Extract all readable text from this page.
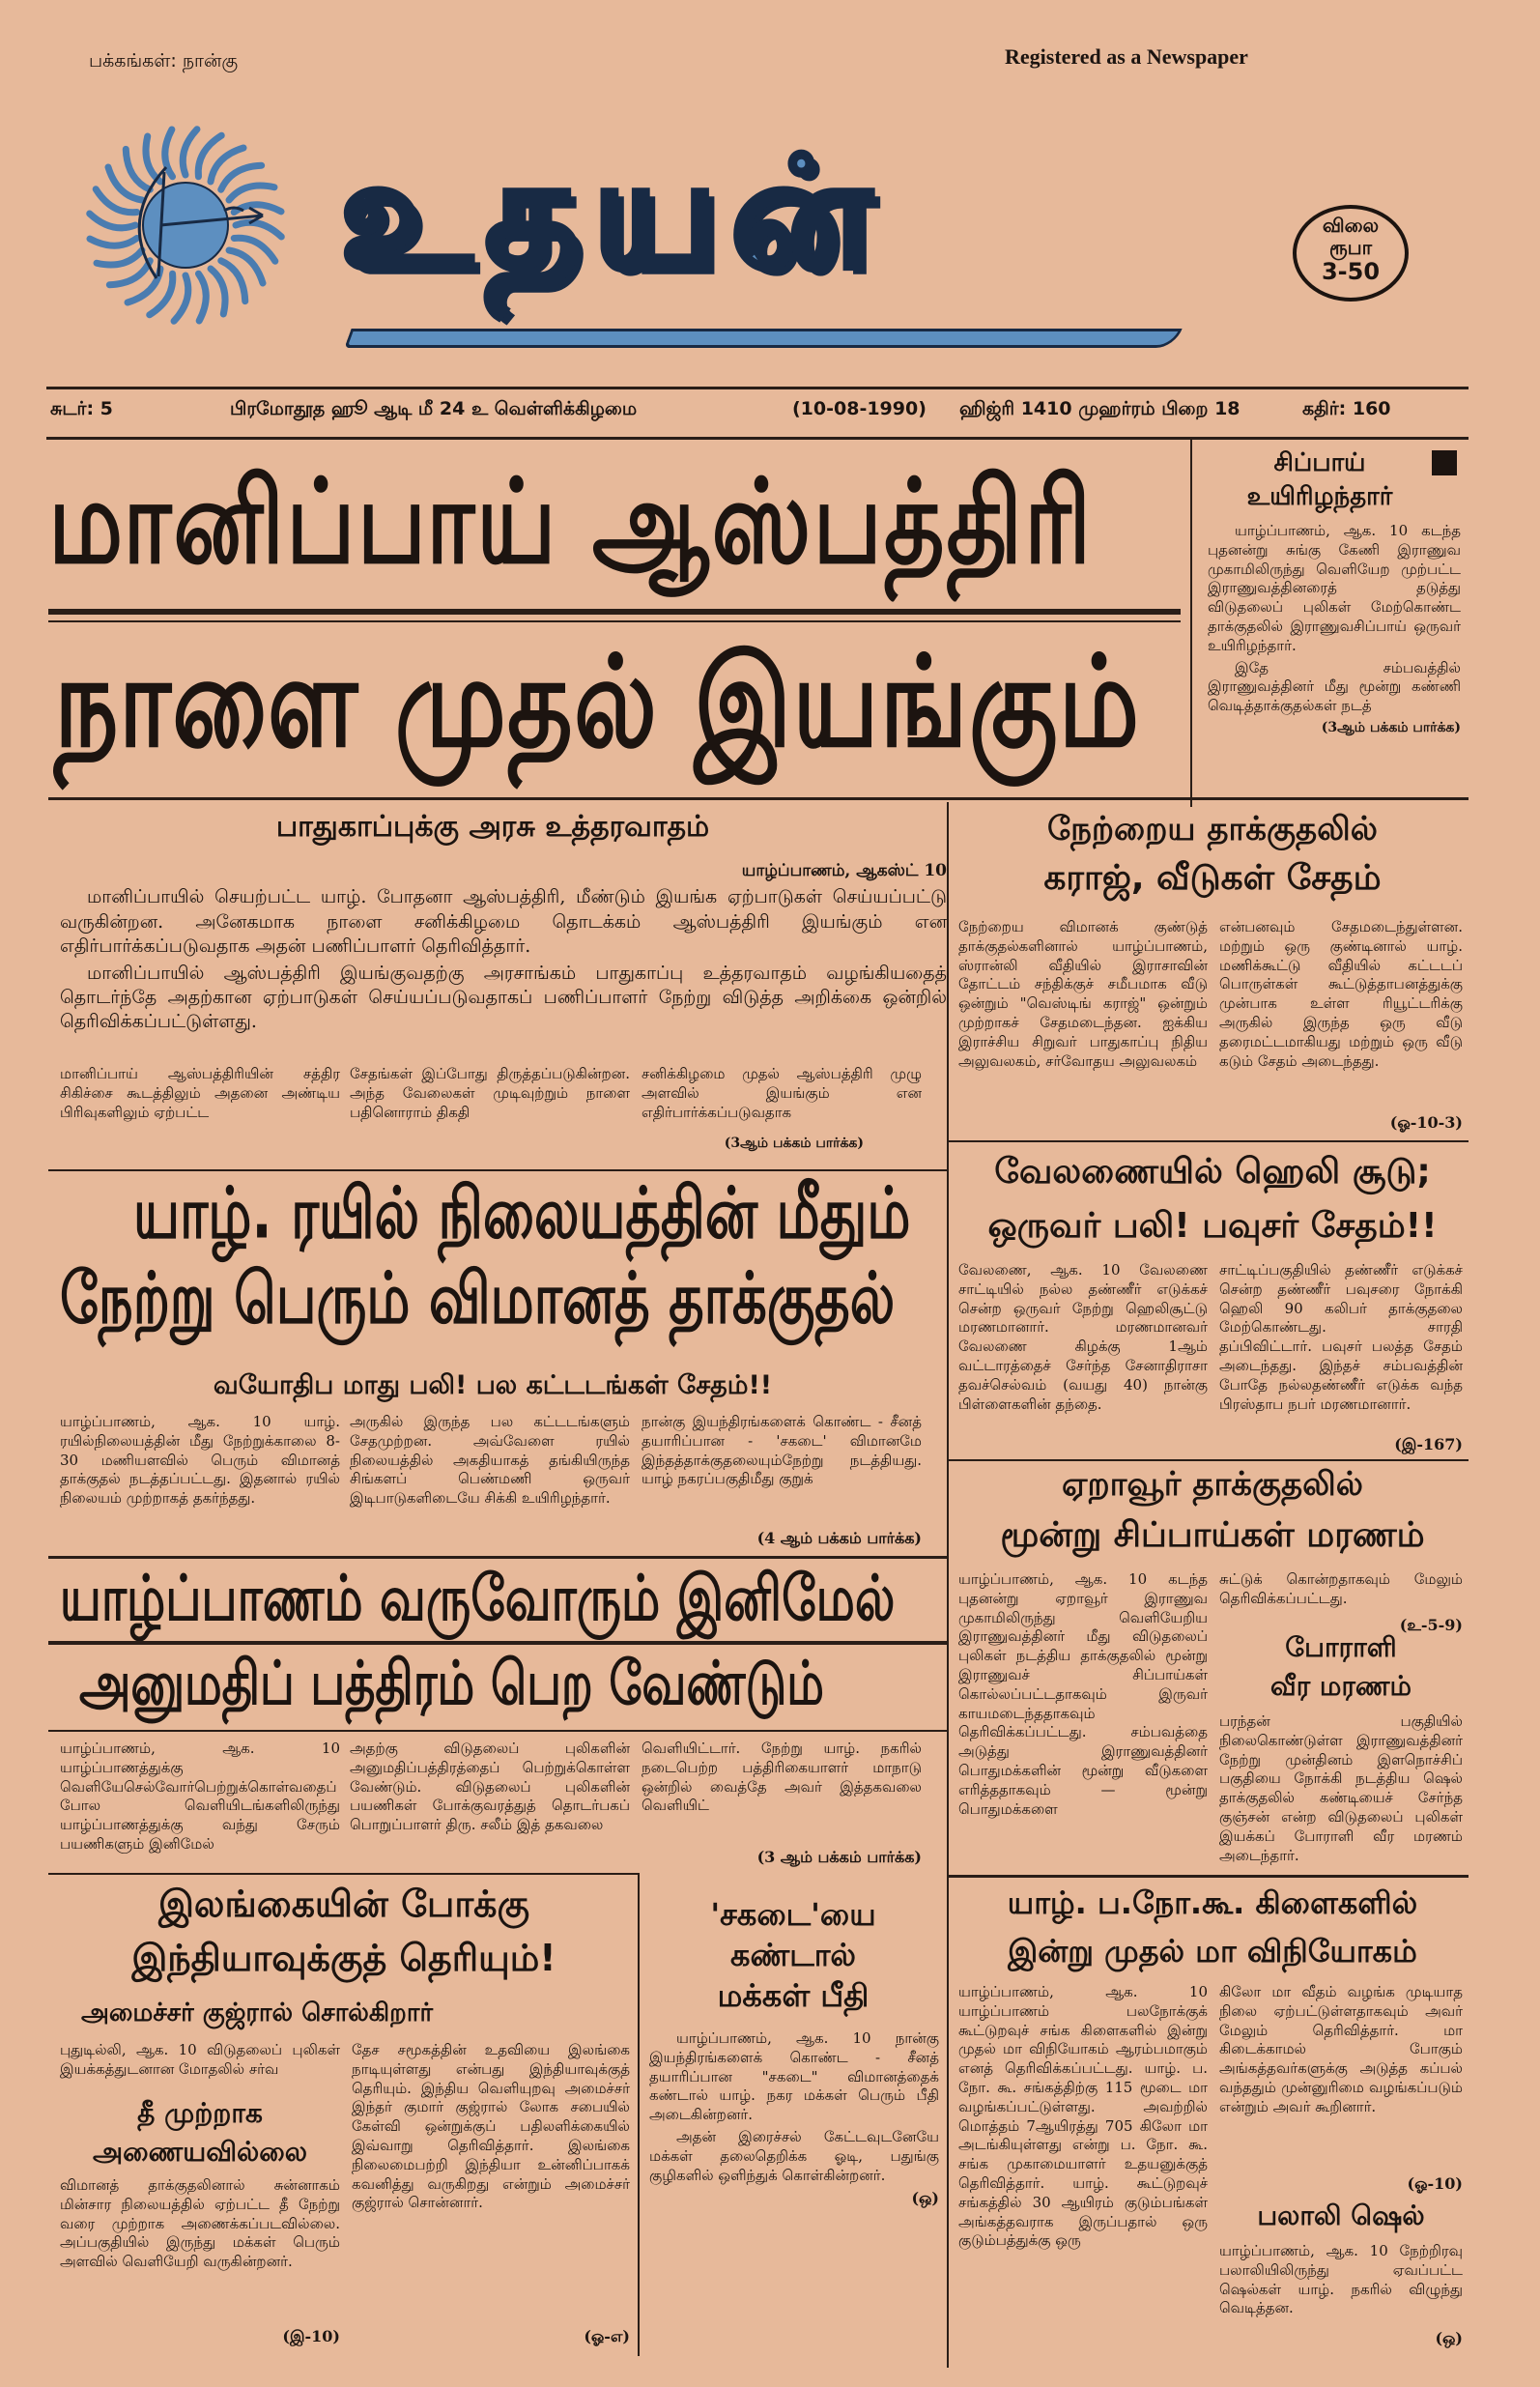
பக்கங்கள்: நான்கு	Registered as a Newspaper
உதயன்	விலை
ரூபா
3-50
சுடர்: 5	பிரமோதூத ஹூ ஆடி மீ 24 உ வெள்ளிக்கிழமை	(10-08-1990) ஹிஜ்ரி 1410 முஹர்ரம் பிறை 18	கதிர்: 160
மானிப்பாய் ஆஸ்பத்திரி
நாளை முதல் இயங்கும்
பாதுகாப்புக்கு அரசு உத்தரவாதம்
யாழ்ப்பாணம், ஆகஸ்ட் 10

மானிப்பாயில் செயற்பட்ட யாழ். போதனா ஆஸ்பத்திரி, மீண்டும் இயங்க ஏற்பாடுகள் செய்யப்பட்டு வருகின்றன. அனேகமாக நாளை சனிக்கிழமை தொடக்கம் ஆஸ்பத்திரி இயங்கும் என எதிர்பார்க்கப்படுவதாக அதன் பணிப்பாளர் தெரிவித்தார்.

மானிப்பாயில் ஆஸ்பத்திரி இயங்குவதற்கு அரசாங்கம் பாதுகாப்பு உத்தரவாதம் வழங்கியதைத் தொடர்ந்தே அதற்கான ஏற்பாடுகள் செய்யப்படுவதாகப் பணிப்பாளர் நேற்று விடுத்த அறிக்கை ஒன்றில் தெரிவிக்கப்பட்டுள்ளது.

மானிப்பாய் ஆஸ்பத்திரியின் சத்திர சிகிச்சை கூடத்திலும் அதனை அண்டிய பிரிவுகளிலும் ஏற்பட்ட
சேதங்கள் இப்போது திருத்தப்படுகின்றன. அந்த வேலைகள் முடிவுற்றும் நாளை பதினொராம் திகதி
சனிக்கிழமை முதல் ஆஸ்பத்திரி முழு அளவில் இயங்கும் என எதிர்பார்க்கப்படுவதாக
(3ஆம் பக்கம் பார்க்க)
சிப்பாய் உயிரிழந்தார்

யாழ்ப்பாணம், ஆக. 10 கடந்த புதனன்று சுங்கு கேணி இராணுவ முகாமிலிருந்து வெளியேற முற்பட்ட இராணுவத்தினரைத் தடுத்து விடுதலைப் புலிகள் மேற்கொண்ட தாக்குதலில் இராணுவசிப்பாய் ஒருவர் உயிரிழந்தார்.

இதே சம்பவத்தில் இராணுவத்தினர் மீது மூன்று கண்ணி வெடித்தாக்குதல்கள் நடத்

(3ஆம் பக்கம் பார்க்க)
நேற்றைய தாக்குதலில்
கராஜ், வீடுகள் சேதம்
நேற்றைய விமானக் குண்டுத் தாக்குதல்களினால் யாழ்ப்பாணம், ஸ்ரான்லி வீதியில் இராசாவின் தோட்டம் சந்திக்குச் சமீபமாக வீடு ஒன்றும் "வெஸ்டிங் கராஜ்" ஒன்றும் முற்றாகச் சேதமடைந்தன. ஐக்கிய இராச்சிய சிறுவர் பாதுகாப்பு நிதிய அலுவலகம், சர்வோதய அலுவலகம்
என்பனவும் சேதமடைந்துள்ளன. மற்றும் ஒரு குண்டினால் யாழ். மணிக்கூட்டு வீதியில் கட்டடப் பொருள்கள் கூட்டுத்தாபனத்துக்கு முன்பாக உள்ள ரியூட்டரிக்கு அருகில் இருந்த ஒரு வீடு தரைமட்டமாகியது மற்றும் ஒரு வீடு கடும் சேதம் அடைந்தது.
(ஓ-10-3)
வேலணையில் ஹெலி சூடு;
ஒருவர் பலி! பவுசர் சேதம்!!
வேலணை, ஆக. 10 வேலணை சாட்டியில் நல்ல தண்ணீர் எடுக்கச் சென்ற ஒருவர் நேற்று ஹெலிசூட்டு மரணமானார். மரணமானவர் வேலணை கிழக்கு 1ஆம் வட்டாரத்தைச் சேர்ந்த சேனாதிராசா தவச்செல்வம் (வயது 40) நான்கு பிள்ளைகளின் தந்தை.
சாட்டிப்பகுதியில் தண்ணீர் எடுக்கச் சென்ற தண்ணீர் பவுசரை நோக்கி ஹெலி 90 கலிபர் தாக்குதலை மேற்கொண்டது. சாரதி தப்பிவிட்டார். பவுசர் பலத்த சேதம் அடைந்தது. இந்தச் சம்பவத்தின் போதே நல்லதண்ணீர் எடுக்க வந்த பிரஸ்தாப நபர் மரணமானார்.
(இ-167)
யாழ். ரயில் நிலையத்தின் மீதும்
நேற்று பெரும் விமானத் தாக்குதல்
வயோதிப மாது பலி! பல கட்டடங்கள் சேதம்!!
யாழ்ப்பாணம், ஆக. 10 யாழ். ரயில்நிலையத்தின் மீது நேற்றுக்காலை 8-30 மணியளவில் பெரும் விமானத் தாக்குதல் நடத்தப்பட்டது. இதனால் ரயில் நிலையம் முற்றாகத் தகர்ந்தது.
அருகில் இருந்த பல கட்டடங்களும் சேதமுற்றன. அவ்வேளை ரயில் நிலையத்தில் அகதியாகத் தங்கியிருந்த சிங்களப் பெண்மணி ஒருவர் இடிபாடுகளிடையே சிக்கி உயிரிழந்தார்.
நான்கு இயந்திரங்களைக் கொண்ட - சீனத் தயாரிப்பான - 'சகடை' விமானமே இந்தத்தாக்குதலையும்நேற்று நடத்தியது. யாழ் நகரப்பகுதிமீது குறுக்
(4 ஆம் பக்கம் பார்க்க)
ஏறாவூர் தாக்குதலில்
மூன்று சிப்பாய்கள் மரணம்
யாழ்ப்பாணம், ஆக. 10 கடந்த புதனன்று ஏறாவூர் இராணுவ முகாமிலிருந்து வெளியேறிய இராணுவத்தினர் மீது விடுதலைப் புலிகள் நடத்திய தாக்குதலில் மூன்று இராணுவச் சிப்பாய்கள் கொல்லப்பட்டதாகவும் இருவர் காயமடைந்ததாகவும் தெரிவிக்கப்பட்டது. சம்பவத்தை அடுத்து இராணுவத்தினர் பொதுமக்களின் மூன்று வீடுகளை எரித்ததாகவும் — மூன்று பொதுமக்களை
சுட்டுக் கொன்றதாகவும் மேலும் தெரிவிக்கப்பட்டது.
(உ-5-9)
போராளி
வீர மரணம்
பரந்தன் பகுதியில் நிலைகொண்டுள்ள இராணுவத்தினர் நேற்று முன்தினம் இளநொச்சிப் பகுதியை நோக்கி நடத்திய ஷெல் தாக்குதலில் கண்டியைச் சேர்ந்த குஞ்சன் என்ற விடுதலைப் புலிகள் இயக்கப் போராளி வீர மரணம் அடைந்தார்.
யாழ்ப்பாணம் வருவோரும் இனிமேல்
அனுமதிப் பத்திரம் பெற வேண்டும்
யாழ்ப்பாணம், ஆக. 10 யாழ்ப்பாணத்துக்கு வெளியேசெல்வோர்பெற்றுக்கொள்வதைப் போல வெளியிடங்களிலிருந்து யாழ்ப்பாணத்துக்கு வந்து சேரும் பயணிகளும் இனிமேல்
அதற்கு விடுதலைப் புலிகளின் அனுமதிப்பத்திரத்தைப் பெற்றுக்கொள்ள வேண்டும். விடுதலைப் புலிகளின் பயணிகள் போக்குவரத்துத் தொடர்பகப் பொறுப்பாளர் திரு. சலீம் இத் தகவலை
வெளியிட்டார். நேற்று யாழ். நகரில் நடைபெற்ற பத்திரிகையாளர் மாநாடு ஒன்றில் வைத்தே அவர் இத்தகவலை வெளியிட்
(3 ஆம் பக்கம் பார்க்க)
யாழ். ப.நோ.கூ. கிளைகளில்
இன்று முதல் மா விநியோகம்
யாழ்ப்பாணம், ஆக. 10 யாழ்ப்பாணம் பலநோக்குக் கூட்டுறவுச் சங்க கிளைகளில் இன்று முதல் மா விநியோகம் ஆரம்பமாகும் எனத் தெரிவிக்கப்பட்டது. யாழ். ப. நோ. கூ. சங்கத்திற்கு 115 மூடை மா வழங்கப்பட்டுள்ளது. அவற்றில் மொத்தம் 7ஆயிரத்து 705 கிலோ மா அடங்கியுள்ளது என்று ப. நோ. கூ. சங்க முகாமையாளர் உதயனுக்குத் தெரிவித்தார். யாழ். கூட்டுறவுச் சங்கத்தில் 30 ஆயிரம் குடும்பங்கள் அங்கத்தவராக இருப்பதால் ஒரு குடும்பத்துக்கு ஒரு
கிலோ மா வீதம் வழங்க முடியாத நிலை ஏற்பட்டுள்ளதாகவும் அவர் மேலும் தெரிவித்தார். மா கிடைக்காமல் போகும் அங்கத்தவர்களுக்கு அடுத்த கப்பல் வந்ததும் முன்னுரிமை வழங்கப்படும் என்றும் அவர் கூறினார்.
(ஓ-10)
பலாலி ஷெல்
யாழ்ப்பாணம், ஆக. 10 நேற்றிரவு பலாலியிலிருந்து ஏவப்பட்ட ஷெல்கள் யாழ். நகரில் விழுந்து வெடித்தன.
(ஒ)
இலங்கையின் போக்கு
இந்தியாவுக்குத் தெரியும்!
அமைச்சர் குஜ்ரால் சொல்கிறார்
புதுடில்லி, ஆக. 10 விடுதலைப் புலிகள் இயக்கத்துடனான மோதலில் சர்வ
தீ முற்றாக
அணையவில்லை
விமானத் தாக்குதலினால் சுன்னாகம் மின்சார நிலையத்தில் ஏற்பட்ட தீ நேற்று வரை முற்றாக அணைக்கப்படவில்லை. அப்பகுதியில் இருந்து மக்கள் பெரும் அளவில் வெளியேறி வருகின்றனர்.
(இ-10)
தேச சமூகத்தின் உதவியை இலங்கை நாடியுள்ளது என்பது இந்தியாவுக்குத் தெரியும். இந்திய வெளியுறவு அமைச்சர் இந்தர் குமார் குஜ்ரால் லோக சபையில் கேள்வி ஒன்றுக்குப் பதிலளிக்கையில் இவ்வாறு தெரிவித்தார். இலங்கை நிலைமைபற்றி இந்தியா உன்னிப்பாகக் கவனித்து வருகிறது என்றும் அமைச்சர் குஜ்ரால் சொன்னார்.
(ஓ-எ)
'சகடை'யை
கண்டால்
மக்கள் பீதி

யாழ்ப்பாணம், ஆக. 10 நான்கு இயந்திரங்களைக் கொண்ட - சீனத் தயாரிப்பான "சகடை" விமானத்தைக் கண்டால் யாழ். நகர மக்கள் பெரும் பீதி அடைகின்றனர்.

அதன் இரைச்சல் கேட்டவுடனேயே மக்கள் தலைதெறிக்க ஓடி, பதுங்கு குழிகளில் ஒளிந்துக் கொள்கின்றனர்.

(ஒ)
